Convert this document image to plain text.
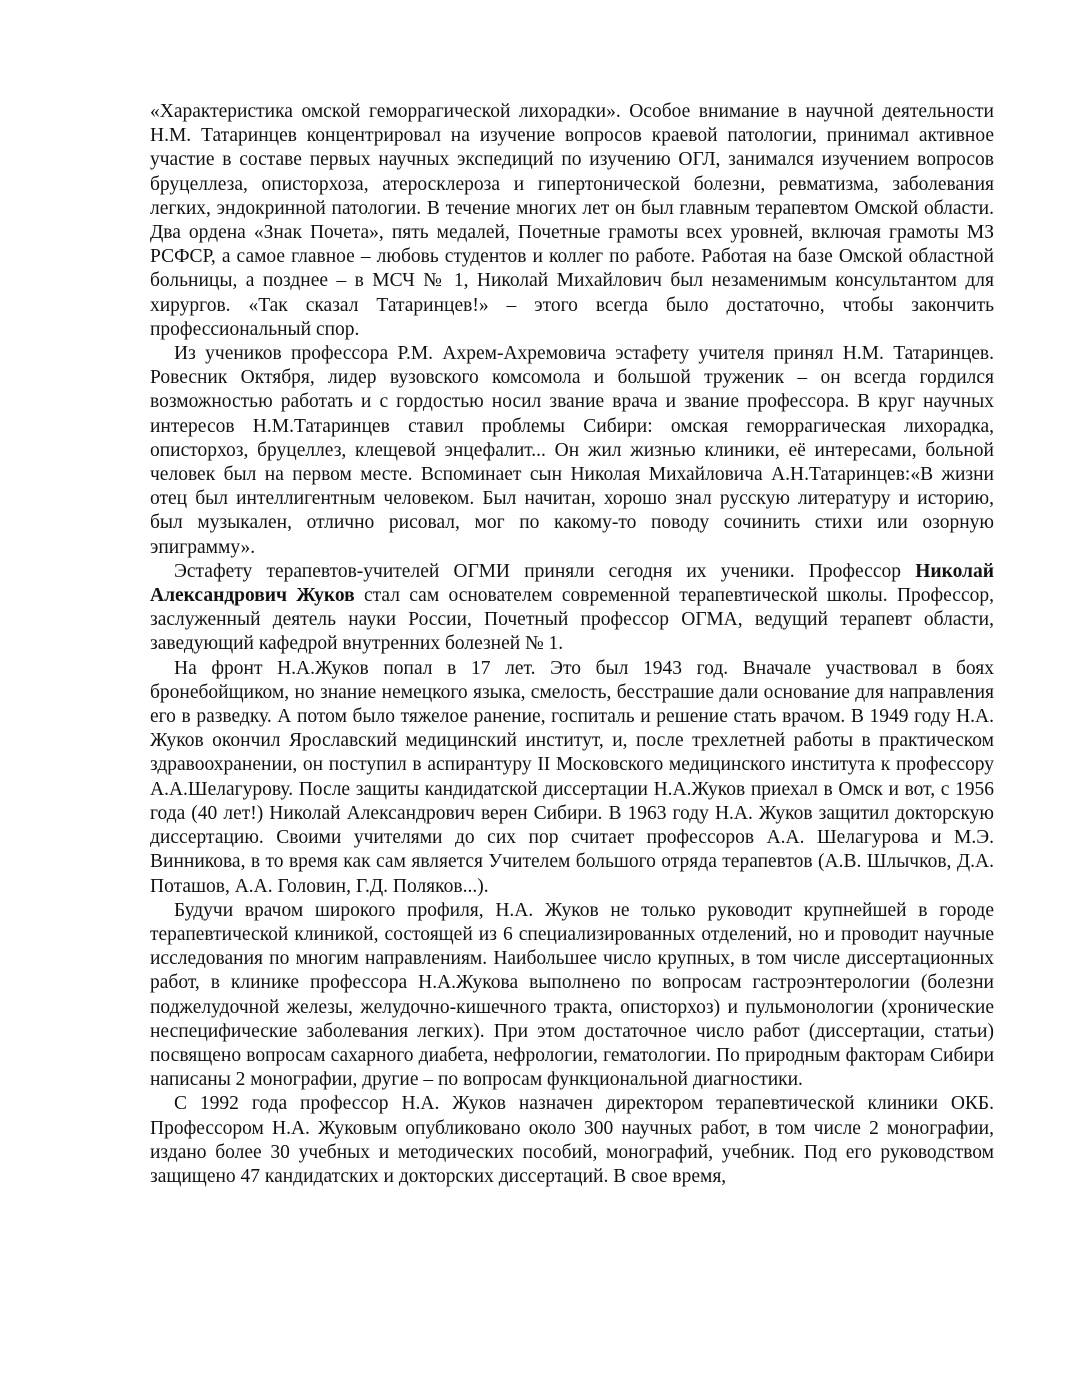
«Характеристика омской геморрагической лихорадки». Особое внимание в научной деятельности Н.М. Татаринцев концентрировал на изучение вопросов краевой патологии, принимал активное участие в составе первых научных экспедиций по изучению ОГЛ, занимался изучением вопросов бруцеллеза, описторхоза, атеросклероза и гипертонической болезни, ревматизма, заболевания легких, эндокринной патологии. В течение многих лет он был главным терапевтом Омской области. Два ордена «Знак Почета», пять медалей, Почетные грамоты всех уровней, включая грамоты МЗ РСФСР, а самое главное – любовь студентов и коллег по работе. Работая на базе Омской областной больницы, а позднее – в МСЧ № 1, Николай Михайлович был незаменимым консультантом для хирургов. «Так сказал Татаринцев!» – этого всегда было достаточно, чтобы закончить профессиональный спор.

Из учеников профессора Р.М. Ахрем-Ахремовича эстафету учителя принял Н.М. Татаринцев. Ровесник Октября, лидер вузовского комсомола и большой труженик – он всегда гордился возможностью работать и с гордостью носил звание врача и звание профессора. В круг научных интересов Н.М.Татаринцев ставил проблемы Сибири: омская геморрагическая лихорадка, описторхоз, бруцеллез, клещевой энцефалит... Он жил жизнью клиники, её интересами, больной человек был на первом месте. Вспоминает сын Николая Михайловича А.Н.Татаринцев:«В жизни отец был интеллигентным человеком. Был начитан, хорошо знал русскую литературу и историю, был музыкален, отлично рисовал, мог по какому-то поводу сочинить стихи или озорную эпиграмму».

Эстафету терапевтов-учителей ОГМИ приняли сегодня их ученики. Профессор Николай Александрович Жуков стал сам основателем современной терапевтической школы. Профессор, заслуженный деятель науки России, Почетный профессор ОГМА, ведущий терапевт области, заведующий кафедрой внутренних болезней № 1.

На фронт Н.А.Жуков попал в 17 лет. Это был 1943 год. Вначале участвовал в боях бронебойщиком, но знание немецкого языка, смелость, бесстрашие дали основание для направления его в разведку. А потом было тяжелое ранение, госпиталь и решение стать врачом. В 1949 году Н.А. Жуков окончил Ярославский медицинский институт, и, после трехлетней работы в практическом здравоохранении, он поступил в аспирантуру II Московского медицинского института к профессору А.А.Шелагурову. После защиты кандидатской диссертации Н.А.Жуков приехал в Омск и вот, с 1956 года (40 лет!) Николай Александрович верен Сибири. В 1963 году Н.А. Жуков защитил докторскую диссертацию. Своими учителями до сих пор считает профессоров А.А. Шелагурова и М.Э. Винникова, в то время как сам является Учителем большого отряда терапевтов (А.В. Шлычков, Д.А. Поташов, А.А. Головин, Г.Д. Поляков...).

Будучи врачом широкого профиля, Н.А. Жуков не только руководит крупнейшей в городе терапевтической клиникой, состоящей из 6 специализированных отделений, но и проводит научные исследования по многим направлениям. Наибольшее число крупных, в том числе диссертационных работ, в клинике профессора Н.А.Жукова выполнено по вопросам гастроэнтерологии (болезни поджелудочной железы, желудочно-кишечного тракта, описторхоз) и пульмонологии (хронические неспецифические заболевания легких). При этом достаточное число работ (диссертации, статьи) посвящено вопросам сахарного диабета, нефрологии, гематологии. По природным факторам Сибири написаны 2 монографии, другие – по вопросам функциональной диагностики.

С 1992 года профессор Н.А. Жуков назначен директором терапевтической клиники ОКБ. Профессором Н.А. Жуковым опубликовано около 300 научных работ, в том числе 2 монографии, издано более 30 учебных и методических пособий, монографий, учебник. Под его руководством защищено 47 кандидатских и докторских диссертаций. В свое время,
